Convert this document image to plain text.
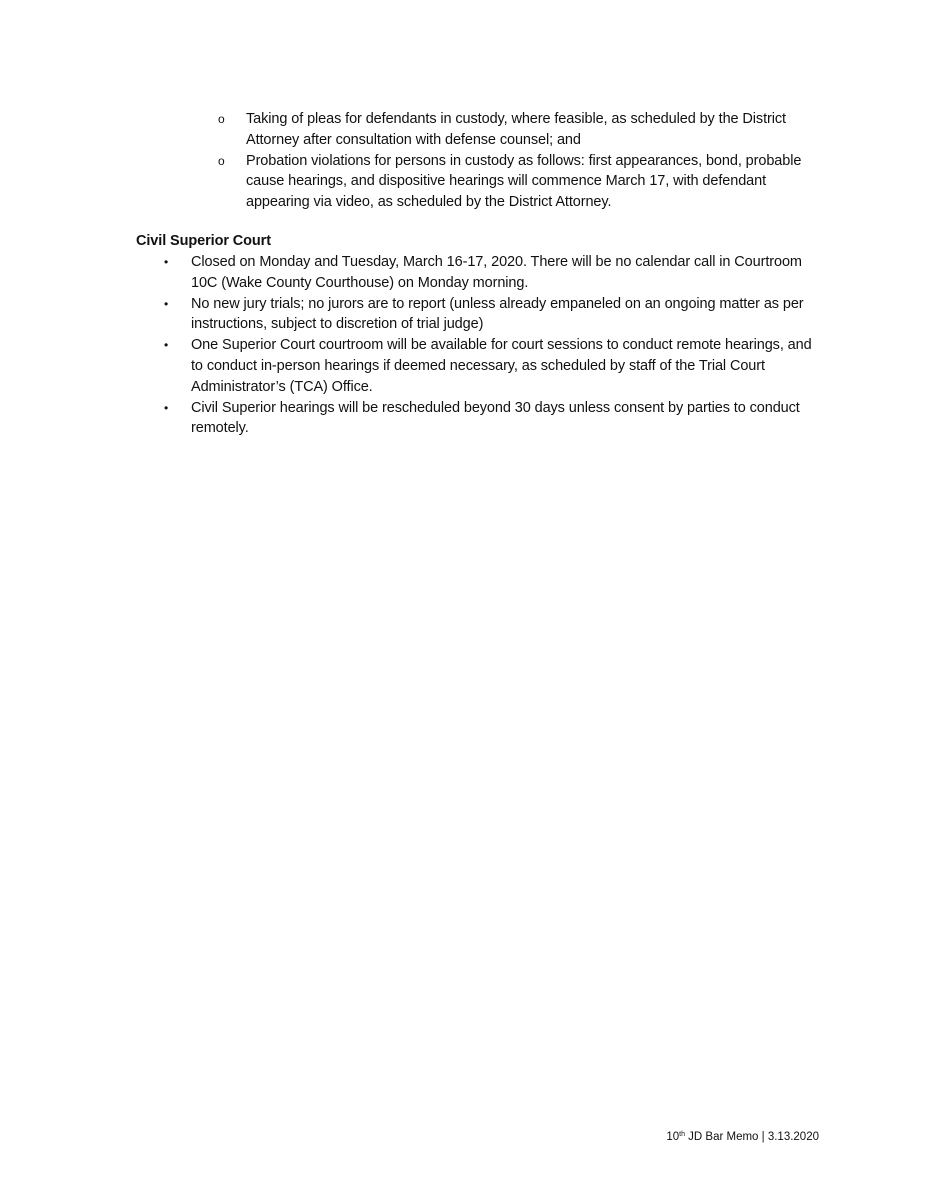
o	Taking of pleas for defendants in custody, where feasible, as scheduled by the District Attorney after consultation with defense counsel; and
o	Probation violations for persons in custody as follows: first appearances, bond, probable cause hearings, and dispositive hearings will commence March 17, with defendant appearing via video, as scheduled by the District Attorney.
Civil Superior Court
•	Closed on Monday and Tuesday, March 16-17, 2020. There will be no calendar call in Courtroom 10C (Wake County Courthouse) on Monday morning.
•	No new jury trials; no jurors are to report (unless already empaneled on an ongoing matter as per instructions, subject to discretion of trial judge)
•	One Superior Court courtroom will be available for court sessions to conduct remote hearings, and to conduct in-person hearings if deemed necessary, as scheduled by staff of the Trial Court Administrator’s (TCA) Office.
•	Civil Superior hearings will be rescheduled beyond 30 days unless consent by parties to conduct remotely.
10th JD Bar Memo | 3.13.2020
